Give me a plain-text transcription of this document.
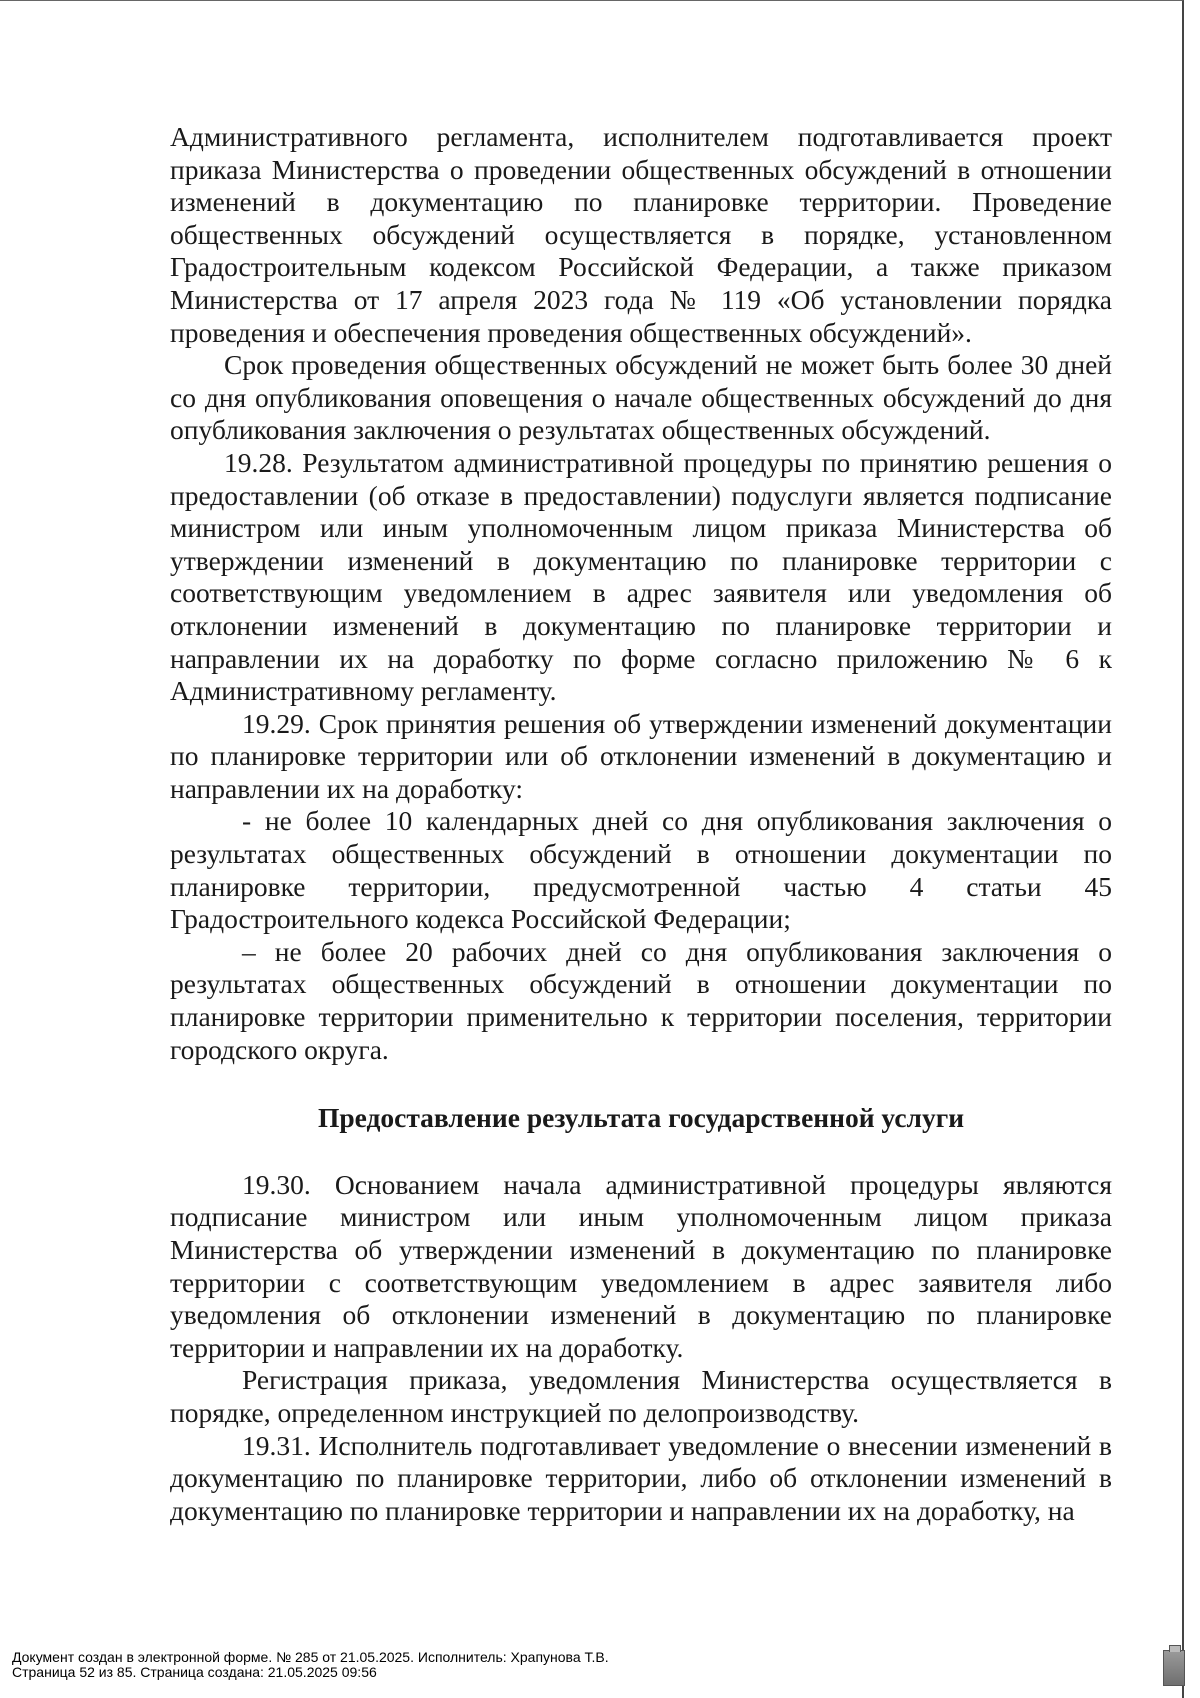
Административного регламента, исполнителем подготавливается проект приказа Министерства о проведении общественных обсуждений в отношении изменений в документацию по планировке территории. Проведение общественных обсуждений осуществляется в порядке, установленном Градостроительным кодексом Российской Федерации, а также приказом Министерства от 17 апреля 2023 года № 119 «Об установлении порядка проведения и обеспечения проведения общественных обсуждений».

Срок проведения общественных обсуждений не может быть более 30 дней со дня опубликования оповещения о начале общественных обсуждений до дня опубликования заключения о результатах общественных обсуждений.

19.28. Результатом административной процедуры по принятию решения о предоставлении (об отказе в предоставлении) подуслуги является подписание министром или иным уполномоченным лицом приказа Министерства об утверждении изменений в документацию по планировке территории с соответствующим уведомлением в адрес заявителя или уведомления об отклонении изменений в документацию по планировке территории и направлении их на доработку по форме согласно приложению № 6 к Административному регламенту.

19.29. Срок принятия решения об утверждении изменений документации по планировке территории или об отклонении изменений в документацию и направлении их на доработку:

- не более 10 календарных дней со дня опубликования заключения о результатах общественных обсуждений в отношении документации по планировке территории, предусмотренной частью 4 статьи 45 Градостроительного кодекса Российской Федерации;

– не более 20 рабочих дней со дня опубликования заключения о результатах общественных обсуждений в отношении документации по планировке территории применительно к территории поселения, территории городского округа.

Предоставление результата государственной услуги

19.30. Основанием начала административной процедуры являются подписание министром или иным уполномоченным лицом приказа Министерства об утверждении изменений в документацию по планировке территории с соответствующим уведомлением в адрес заявителя либо уведомления об отклонении изменений в документацию по планировке территории и направлении их на доработку.

Регистрация приказа, уведомления Министерства осуществляется в порядке, определенном инструкцией по делопроизводству.

19.31. Исполнитель подготавливает уведомление о внесении изменений в документацию по планировке территории, либо об отклонении изменений в документацию по планировке территории и направлении их на доработку, на

Документ создан в электронной форме. № 285 от 21.05.2025. Исполнитель: Храпунова Т.В.
Страница 52 из 85. Страница создана: 21.05.2025 09:56
